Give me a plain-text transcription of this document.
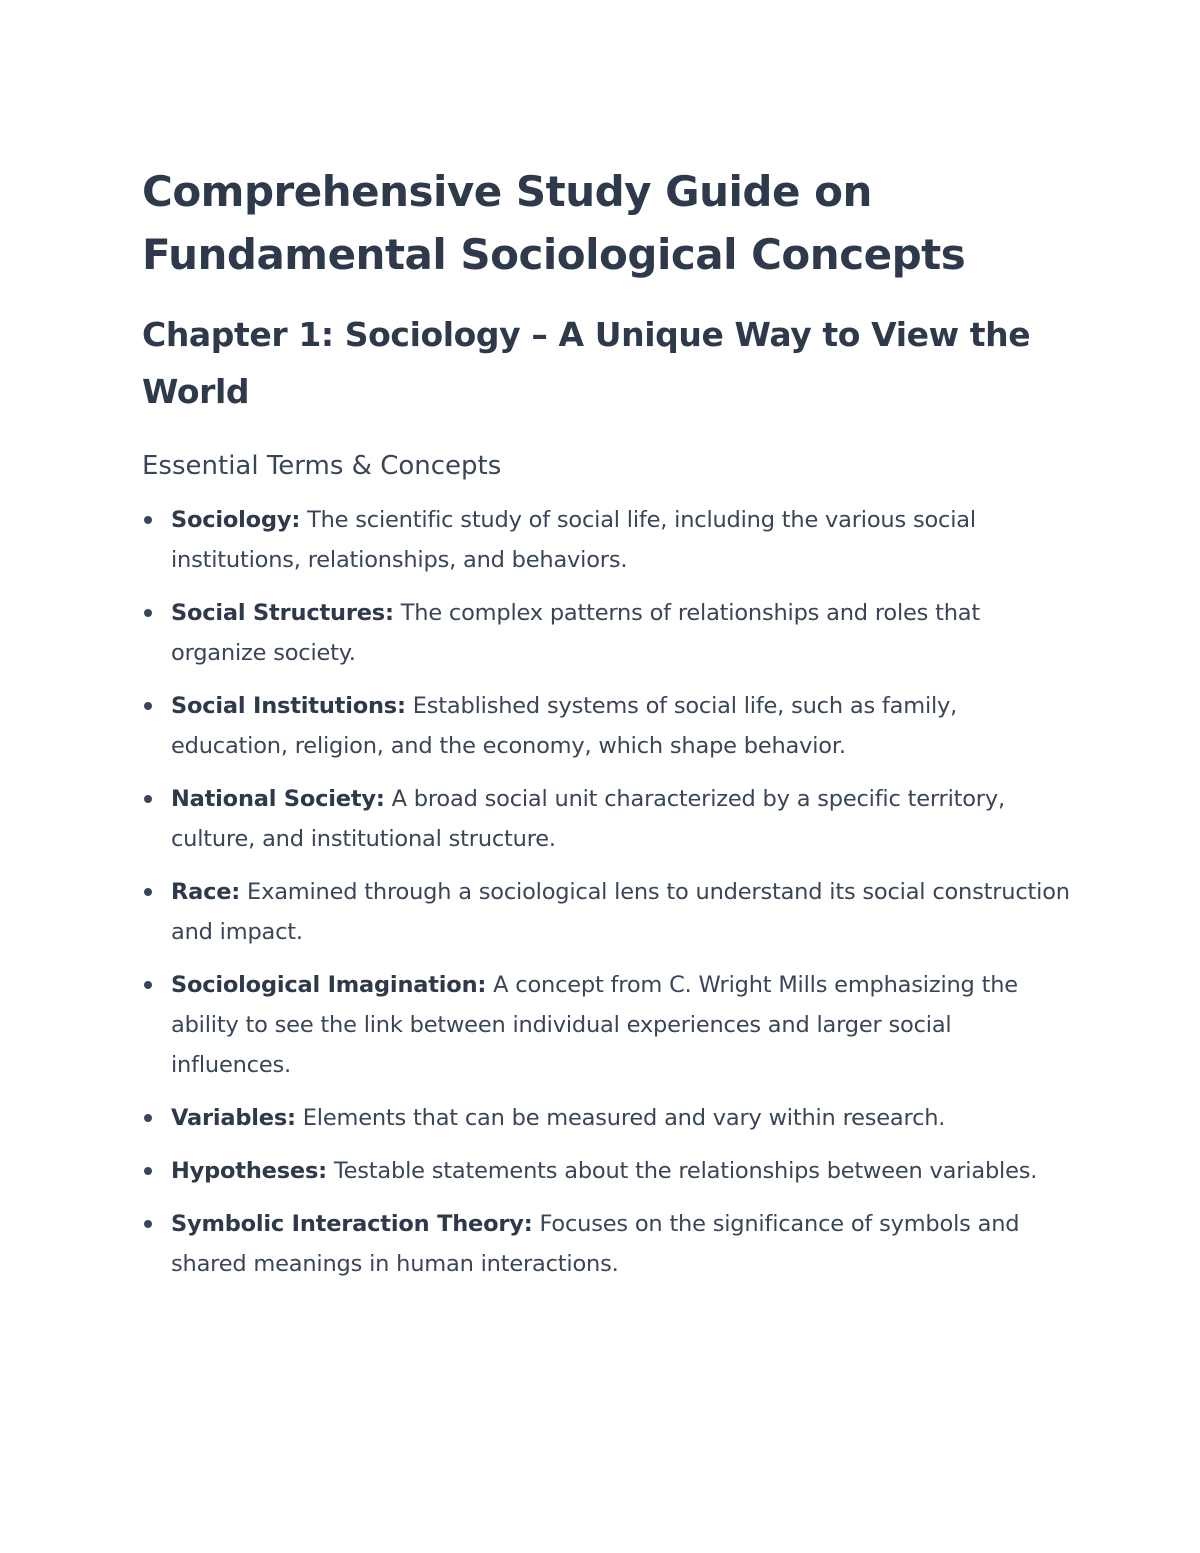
Comprehensive Study Guide on
Fundamental Sociological Concepts
Chapter 1: Sociology – A Unique Way to View the
World
Essential Terms & Concepts
Sociology: The scientific study of social life, including the various social institutions, relationships, and behaviors.
Social Structures: The complex patterns of relationships and roles that organize society.
Social Institutions: Established systems of social life, such as family, education, religion, and the economy, which shape behavior.
National Society: A broad social unit characterized by a specific territory, culture, and institutional structure.
Race: Examined through a sociological lens to understand its social construction and impact.
Sociological Imagination: A concept from C. Wright Mills emphasizing the ability to see the link between individual experiences and larger social influences.
Variables: Elements that can be measured and vary within research.
Hypotheses: Testable statements about the relationships between variables.
Symbolic Interaction Theory: Focuses on the significance of symbols and shared meanings in human interactions.
